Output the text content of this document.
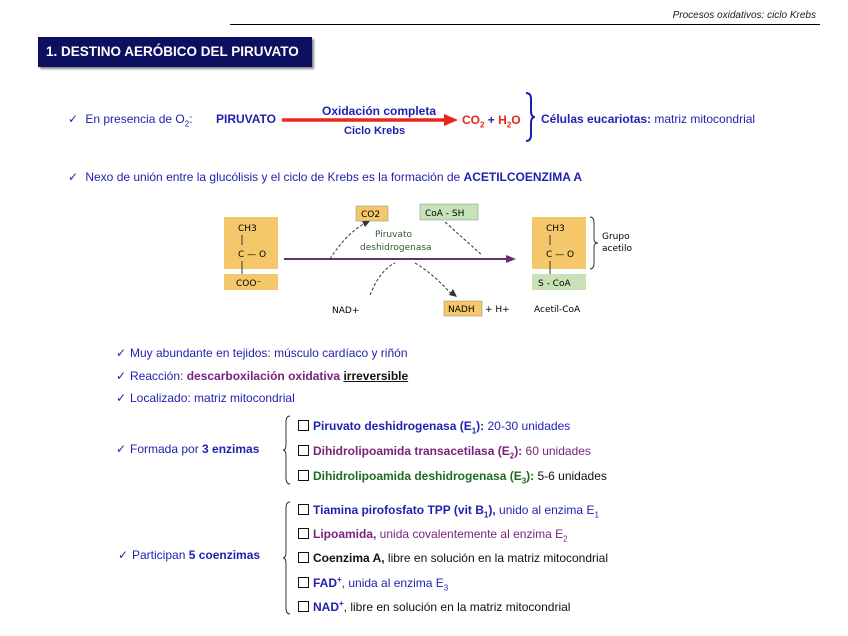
Procesos oxidativos: ciclo Krebs
1. DESTINO AERÓBICO DEL PIRUVATO
✓ En presencia de $O_2$: PIRUVATO
Oxidación completa
Ciclo Krebs
$CO_2 + H_2O$ Células eucariotas: matriz mitocondrial
✓ Nexo de unión entre la glucólisis y el ciclo de Krebs es la formación de ACETILCOENZIMA A
CH3
C — O
COO⁻
CO2	CoA - SH
Piruvato
deshidrogenasa
NAD+	NADH + H+
CH3
C — O
S - CoA
Acetil-CoA
Grupo
acetilo
✓ Muy abundante en tejidos: músculo cardíaco y riñón
✓ Reacción: descarboxilación oxidativa irreversible
✓ Localizado: matriz mitocondrial
✓ Formada por 3 enzimas
Piruvato deshidrogenasa $(E_1)$: 20-30 unidades
Dihidrolipoamida transacetilasa $(E_2)$: 60 unidades
Dihidrolipoamida deshidrogenasa $(E_3)$: 5-6 unidades
✓ Participan 5 coenzimas
Tiamina pirofosfato TPP (vit $B_1$), unido al enzima $E_1$
Lipoamida, unida covalentemente al enzima $E_2$
Coenzima A, libre en solución en la matriz mitocondrial
FAD+, unida al enzima $E_3$
NAD+, libre en solución en la matriz mitocondrial
